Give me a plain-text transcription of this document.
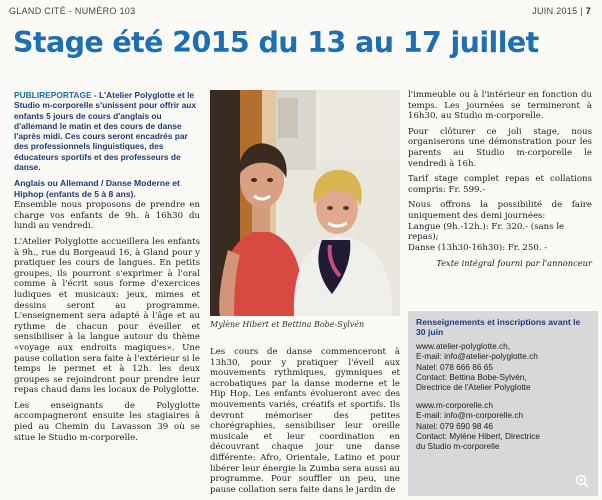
GLAND CITÉ - NUMÉRO 103	JUIN 2015 | 7
Stage été 2015 du 13 au 17 juillet

PUBLIREPORTAGE - L'Atelier Polyglotte et le Studio m-corporelle s'unissent pour offrir aux enfants 5 jours de cours d'anglais ou d'allemand le matin et des cours de danse l'après midi. Ces cours seront encadrés par des professionnels linguistiques, des éducateurs sportifs et des professeurs de danse.

Anglais ou Allemand / Danse Moderne et Hiphop (enfants de 5 à 8 ans).

Ensemble nous proposons de prendre en charge vos enfants de 9h. à 16h30 du lundi au vendredi.

L'Atelier Polyglotte accueillera les enfants à 9h., rue du Borgeaud 16, à Gland pour y pratiquer les cours de langues. En petits groupes, ils pourront s'exprimer à l'oral comme à l'écrit sous forme d'exercices ludiques et musicaux: jeux, mimes et dessins seront au programme. L'enseignement sera adapté à l'âge et au rythme de chacun pour éveiller et sensibiliser à la langue autour du thème «voyage aux endroits magiques». Une pause collation sera faite à l'extérieur si le temps le permet et à 12h. les deux groupes se rejoindront pour prendre leur repas chaud dans les locaux de Polyglotte.

Les enseignants de Polyglotte accompagneront ensuite les stagiaires à pied au Chemin du Lavasson 39 où se situe le Studio m-corporelle.

Mylène Hibert et Bettina Bobe-Sylvén

Les cours de danse commenceront à 13h30, pour y pratiquer l'éveil aux mouvements rythmiques, gymniques et acrobatiques par la danse moderne et le Hip Hop. Les enfants évolueront avec des mouvements variés, créatifs et sportifs. Ils devront mémoriser des petites chorégraphies, sensibiliser leur oreille musicale et leur coordination en découvrant chaque jour une danse différente: Afro, Orientale, Latino et pour libérer leur énergie la Zumba sera aussi au programme. Pour souffler un peu, une pause collation sera faite dans le jardin de

l'immeuble ou à l'intérieur en fonction du temps. Les journées se termineront à 16h30, au Studio m-corporelle.

Pour clôturer ce joli stage, nous organiserons une démonstration pour les parents au Studio m-corporelle le vendredi à 16h.

Tarif stage complet repas et collations compris: Fr. 599.-

Nous offrons la possibilité de faire uniquement des demi journées:

Langue (9h.-12h.): Fr. 320.- (sans le repas);

Danse (13h30-16h30): Fr. 250. -

Texte intégral fourni par l'annonceur

Renseignements et inscriptions avant le 30 juin
www.atelier-polyglotte.ch,
E-mail: info@atelier-polyglotte.ch
Natel: 078 666 86 65
Contact: Bettina Bobe-Sylvén,
Directrice de l'Atelier Polyglotte
www.m-corporelle.ch
E-mail: info@m-corporelle.ch
Natel: 079 690 98 46
Contact: Mylène Hibert, Directrice
du Studio m-corporelle
